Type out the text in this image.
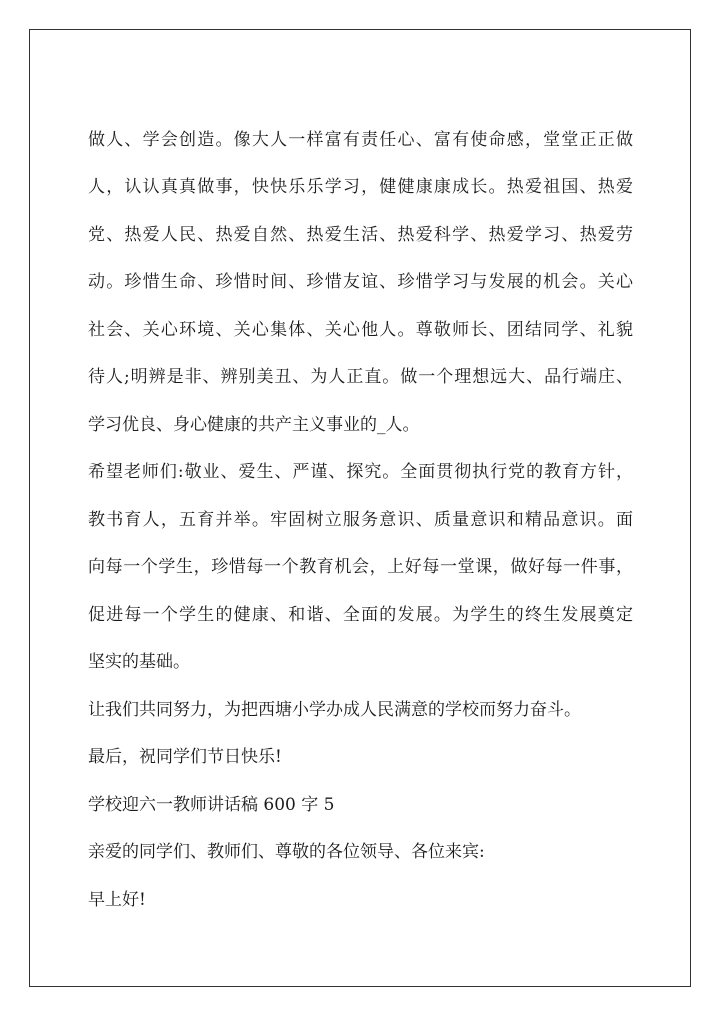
做人、学会创造。像大人一样富有责任心、富有使命感，堂堂正正做
人，认认真真做事，快快乐乐学习，健健康康成长。热爱祖国、热爱
党、热爱人民、热爱自然、热爱生活、热爱科学、热爱学习、热爱劳
动。珍惜生命、珍惜时间、珍惜友谊、珍惜学习与发展的机会。关心
社会、关心环境、关心集体、关心他人。尊敬师长、团结同学、礼貌
待人;明辨是非、辨别美丑、为人正直。做一个理想远大、品行端庄、
学习优良、身心健康的共产主义事业的_人。
希望老师们:敬业、爱生、严谨、探究。全面贯彻执行党的教育方针，
教书育人，五育并举。牢固树立服务意识、质量意识和精品意识。面
向每一个学生，珍惜每一个教育机会，上好每一堂课，做好每一件事，
促进每一个学生的健康、和谐、全面的发展。为学生的终生发展奠定
坚实的基础。
让我们共同努力，为把西塘小学办成人民满意的学校而努力奋斗。
最后，祝同学们节日快乐!
学校迎六一教师讲话稿 600 字 5
亲爱的同学们、教师们、尊敬的各位领导、各位来宾:
早上好!
